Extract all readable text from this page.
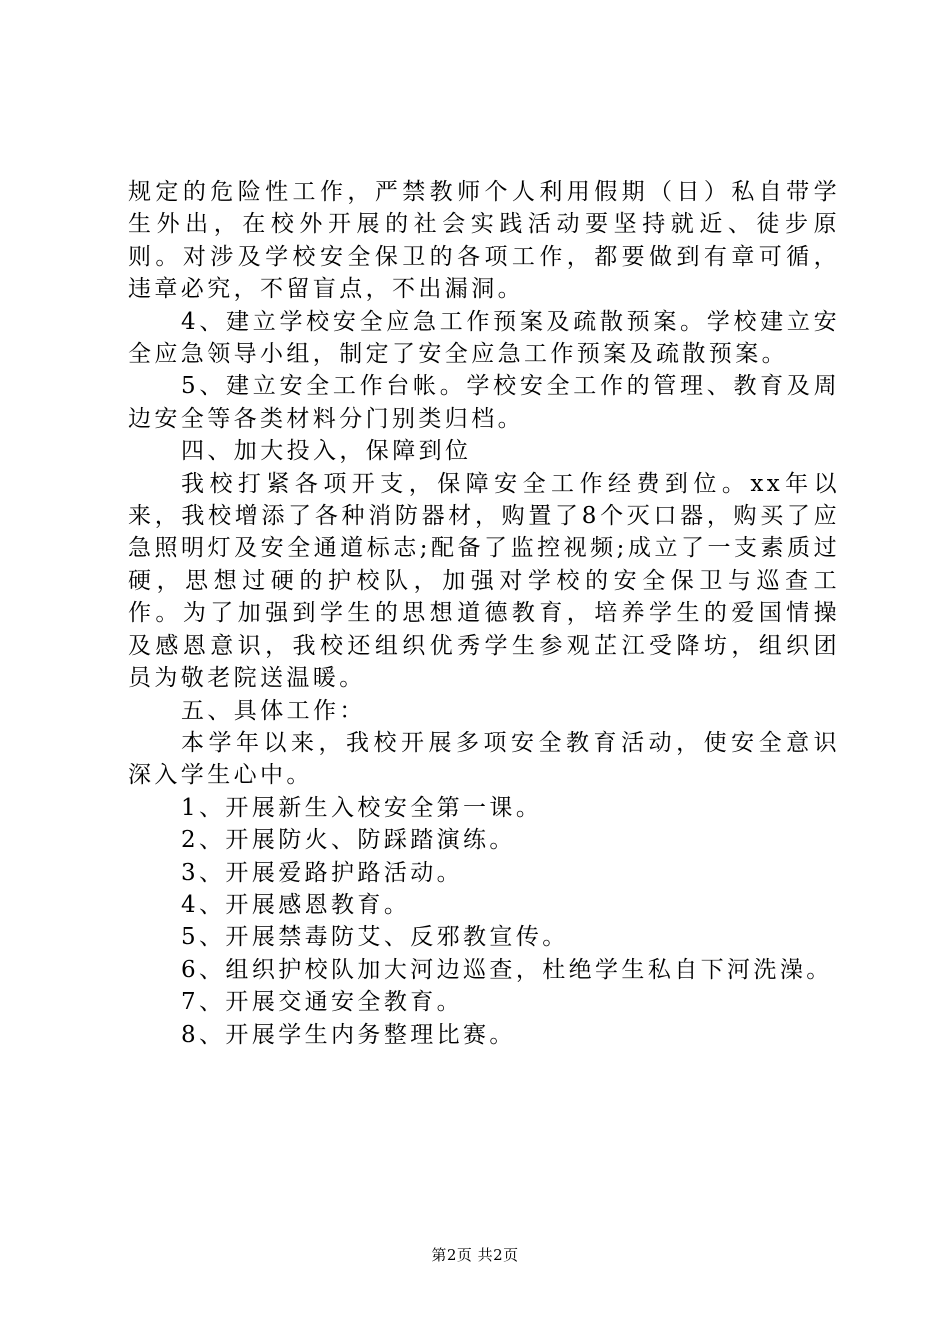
规定的危险性工作，严禁教师个人利用假期（日）私自带学生外出，在校外开展的社会实践活动要坚持就近、徒步原则。对涉及学校安全保卫的各项工作，都要做到有章可循，违章必究，不留盲点，不出漏洞。

4、建立学校安全应急工作预案及疏散预案。学校建立安全应急领导小组，制定了安全应急工作预案及疏散预案。

5、建立安全工作台帐。学校安全工作的管理、教育及周边安全等各类材料分门别类归档。

四、加大投入，保障到位

我校打紧各项开支，保障安全工作经费到位。xx年以来，我校增添了各种消防器材，购置了8个灭口器，购买了应急照明灯及安全通道标志;配备了监控视频;成立了一支素质过硬，思想过硬的护校队，加强对学校的安全保卫与巡查工作。为了加强到学生的思想道德教育，培养学生的爱国情操及感恩意识，我校还组织优秀学生参观芷江受降坊，组织团员为敬老院送温暖。

五、具体工作：

本学年以来，我校开展多项安全教育活动，使安全意识深入学生心中。

1、开展新生入校安全第一课。

2、开展防火、防踩踏演练。

3、开展爱路护路活动。

4、开展感恩教育。

5、开展禁毒防艾、反邪教宣传。

6、组织护校队加大河边巡查，杜绝学生私自下河洗澡。

7、开展交通安全教育。

8、开展学生内务整理比赛。

第2页 共2页
